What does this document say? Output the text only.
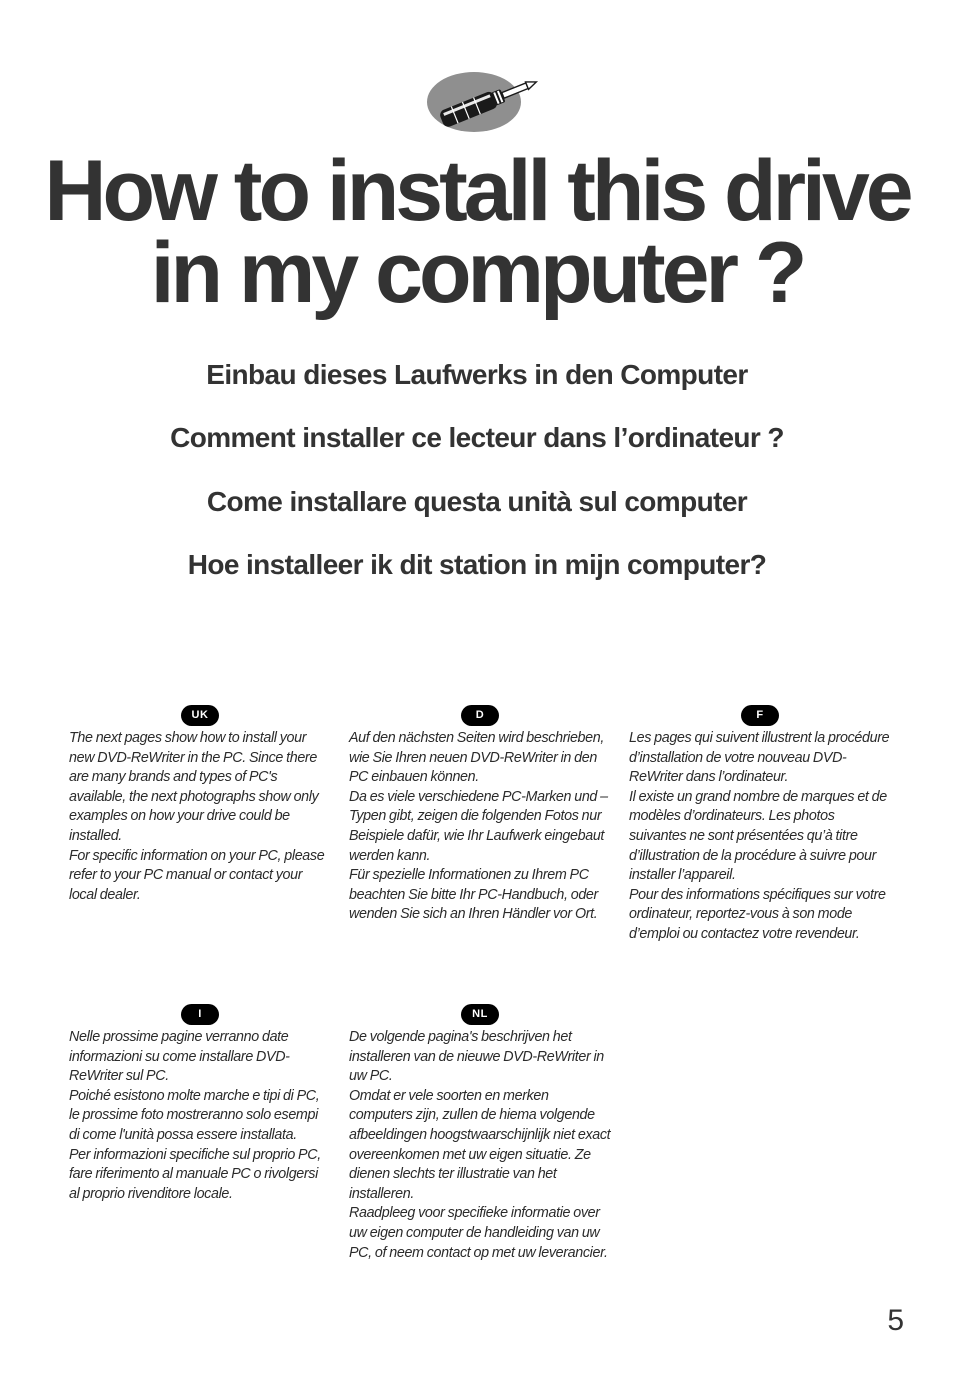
How to install this drive
in my computer ?
Einbau dieses Laufwerks in den Computer
Comment installer ce lecteur dans l’ordinateur ?
Come installare questa unità sul computer
Hoe installeer ik dit station in mijn computer?
UK

The next pages show how to install your new DVD-ReWriter in the PC. Since there are many brands and types of PC's available, the next photographs show only examples on how your drive could be installed.

For specific information on your PC, please refer to your PC manual or contact your local dealer.

D

Auf den nächsten Seiten wird beschrieben, wie Sie Ihren neuen DVD-ReWriter in den PC einbauen können.

Da es viele verschiedene PC-Marken und –Typen gibt, zeigen die folgenden Fotos nur Beispiele dafür, wie Ihr Laufwerk eingebaut werden kann.

Für spezielle Informationen zu Ihrem PC beachten Sie bitte Ihr PC-Handbuch, oder wenden Sie sich an Ihren Händler vor Ort.

F

Les pages qui suivent illustrent la procédure d’installation de votre nouveau DVD-ReWriter dans l’ordinateur.

Il existe un grand nombre de marques et de modèles d’ordinateurs. Les photos suivantes ne sont présentées qu’à titre d’illustration de la procédure à suivre pour installer l’appareil.

Pour des informations spécifiques sur votre ordinateur, reportez-vous à son mode d’emploi ou contactez votre revendeur.

I

Nelle prossime pagine verranno date informazioni su come installare DVD-ReWriter sul PC.

Poiché esistono molte marche e tipi di PC, le prossime foto mostreranno solo esempi di come l'unità possa essere installata.

Per informazioni specifiche sul proprio PC, fare riferimento al manuale PC o rivolgersi al proprio rivenditore locale.

NL

De volgende pagina's beschrijven het installeren van de nieuwe DVD-ReWriter in uw PC.

Omdat er vele soorten en merken computers zijn, zullen de hiema volgende afbeeldingen hoogstwaarschijnlijk niet exact overeenkomen met uw eigen situatie. Ze dienen slechts ter illustratie van het installeren.

Raadpleeg voor specifieke informatie over uw eigen computer de handleiding van uw PC, of neem contact op met uw leverancier.

5
